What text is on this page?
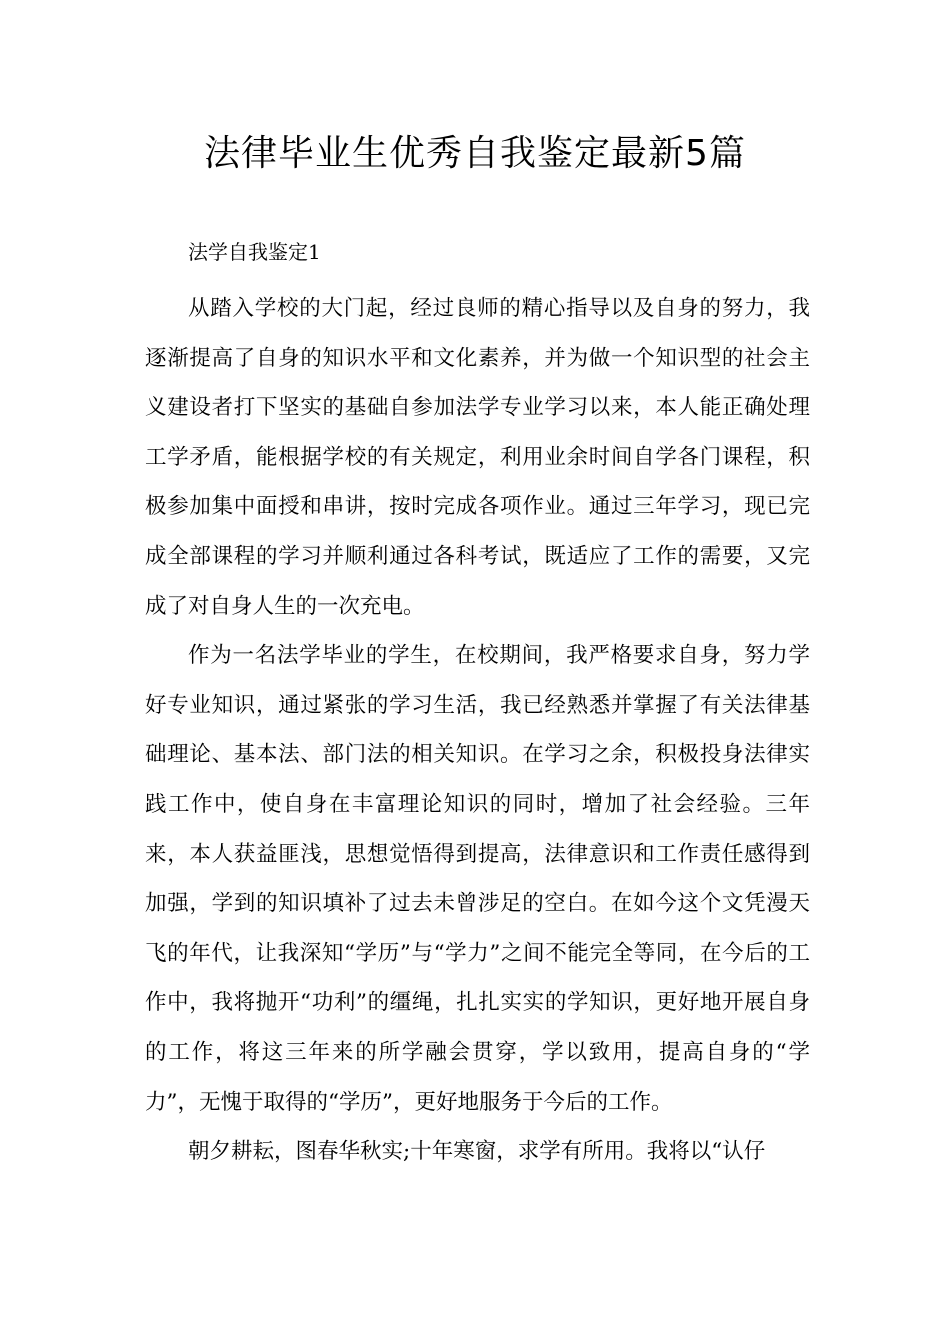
法律毕业生优秀自我鉴定最新5篇

法学自我鉴定1

从踏入学校的大门起，经过良师的精心指导以及自身的努力，我逐渐提高了自身的知识水平和文化素养，并为做一个知识型的社会主义建设者打下坚实的基础自参加法学专业学习以来，本人能正确处理工学矛盾，能根据学校的有关规定，利用业余时间自学各门课程，积极参加集中面授和串讲，按时完成各项作业。通过三年学习，现已完成全部课程的学习并顺利通过各科考试，既适应了工作的需要，又完成了对自身人生的一次充电。

作为一名法学毕业的学生，在校期间，我严格要求自身，努力学好专业知识，通过紧张的学习生活，我已经熟悉并掌握了有关法律基础理论、基本法、部门法的相关知识。在学习之余，积极投身法律实践工作中，使自身在丰富理论知识的同时，增加了社会经验。三年来，本人获益匪浅，思想觉悟得到提高，法律意识和工作责任感得到加强，学到的知识填补了过去未曾涉足的空白。在如今这个文凭漫天飞的年代，让我深知“学历”与“学力”之间不能完全等同，在今后的工作中，我将抛开“功利”的缰绳，扎扎实实的学知识，更好地开展自身的工作，将这三年来的所学融会贯穿，学以致用，提高自身的“学力”，无愧于取得的“学历”，更好地服务于今后的工作。

朝夕耕耘，图春华秋实;十年寒窗，求学有所用。我将以“认仔
